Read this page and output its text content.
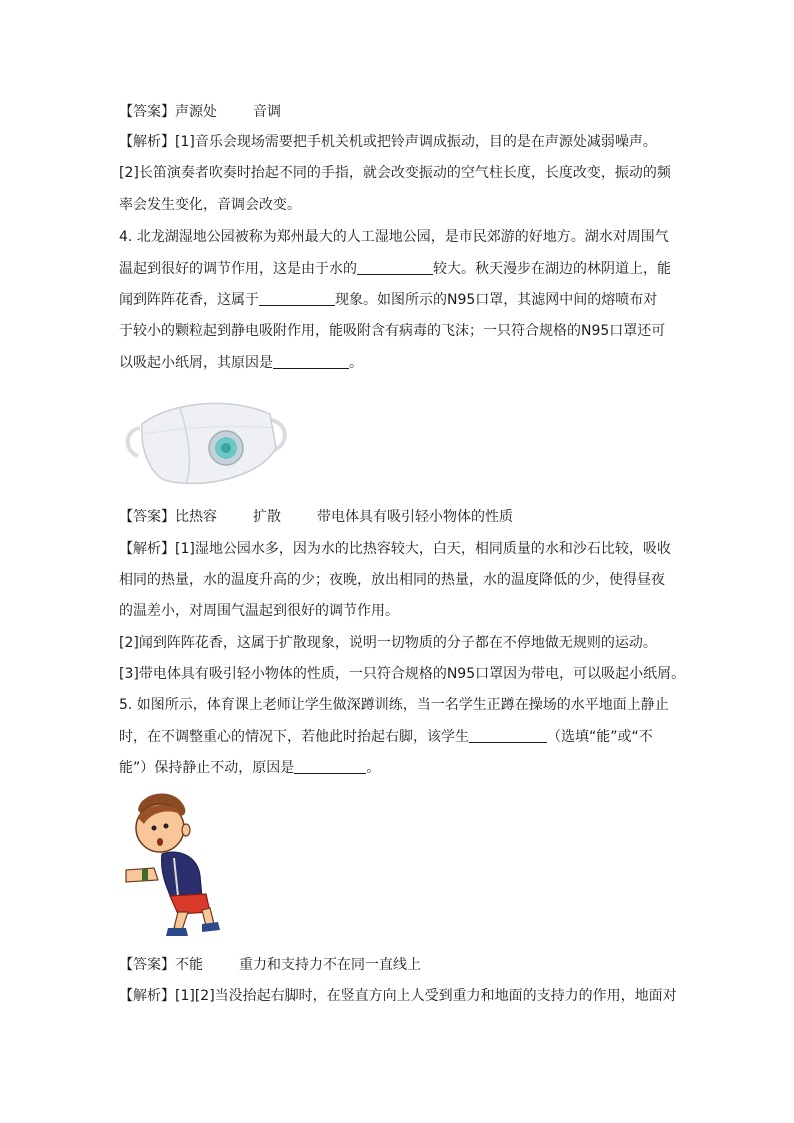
【答案】声源处	音调
【解析】[1]音乐会现场需要把手机关机或把铃声调成振动，目的是在声源处减弱噪声。
[2]长笛演奏者吹奏时抬起不同的手指，就会改变振动的空气柱长度，长度改变，振动的频
率会发生变化，音调会改变。
4. 北龙湖湿地公园被称为郑州最大的人工湿地公园，是市民郊游的好地方。湖水对周围气
温起到很好的调节作用，这是由于水的	较大。秋天漫步在湖边的林阴道上，能
闻到阵阵花香，这属于	现象。如图所示的N95口罩，其滤网中间的熔喷布对
于较小的颗粒起到静电吸附作用，能吸附含有病毒的飞沫；一只符合规格的N95口罩还可
以吸起小纸屑，其原因是	。
【答案】比热容	扩散	带电体具有吸引轻小物体的性质
【解析】[1]湿地公园水多，因为水的比热容较大，白天，相同质量的水和沙石比较，吸收
相同的热量，水的温度升高的少；夜晚，放出相同的热量，水的温度降低的少，使得昼夜
的温差小，对周围气温起到很好的调节作用。
[2]闻到阵阵花香，这属于扩散现象，说明一切物质的分子都在不停地做无规则的运动。
[3]带电体具有吸引轻小物体的性质，一只符合规格的N95口罩因为带电，可以吸起小纸屑。
5. 如图所示，体育课上老师让学生做深蹲训练，当一名学生正蹲在操场的水平地面上静止
时，在不调整重心的情况下，若他此时抬起右脚，该学生	（选填“能”或“不
能”）保持静止不动，原因是	。
【答案】不能	重力和支持力不在同一直线上
【解析】[1][2]当没抬起右脚时，在竖直方向上人受到重力和地面的支持力的作用，地面对
